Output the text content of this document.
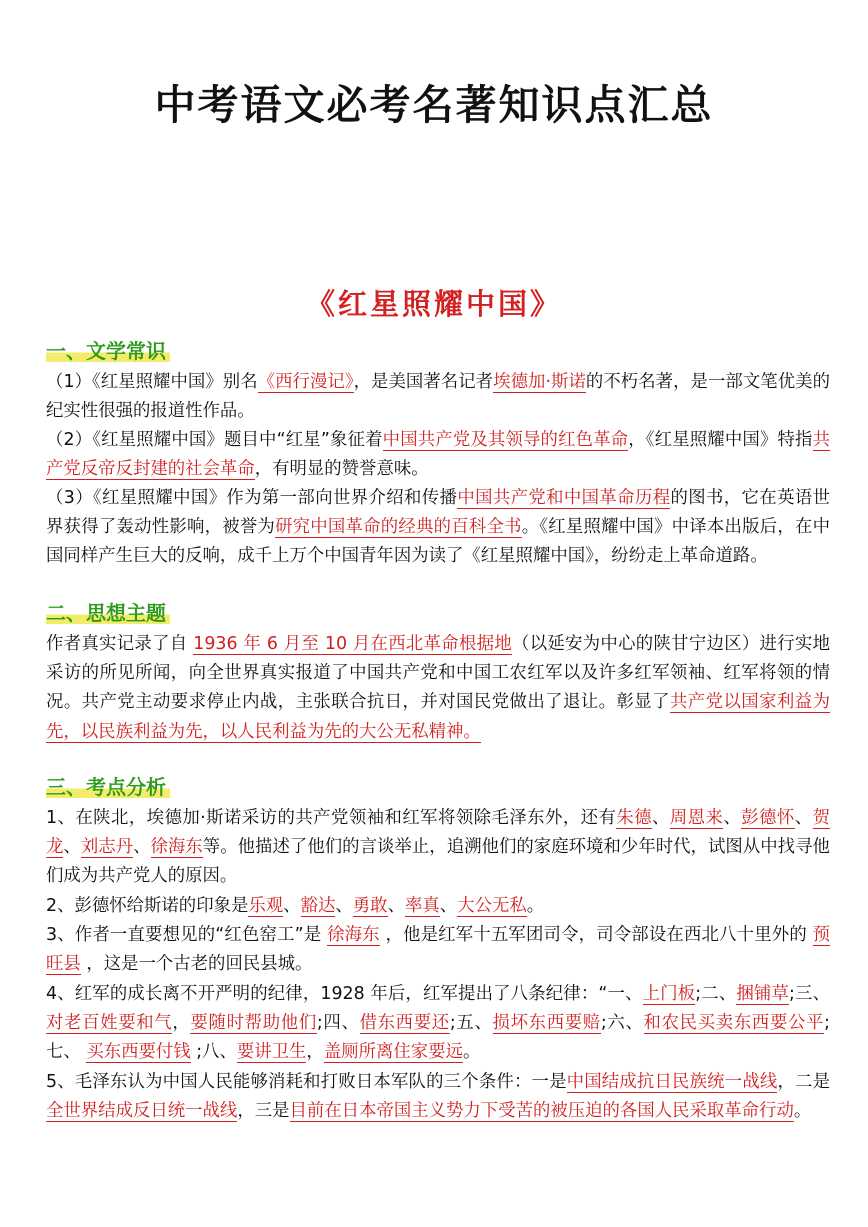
中考语文必考名著知识点汇总
《红星照耀中国》
一、文学常识
（1）《红星照耀中国》别名《西行漫记》，是美国著名记者埃德加·斯诺的不朽名著，是一部文笔优美的纪实性很强的报道性作品。
（2）《红星照耀中国》题目中“红星”象征着中国共产党及其领导的红色革命，《红星照耀中国》特指共产党反帝反封建的社会革命，有明显的赞誉意味。
（3）《红星照耀中国》作为第一部向世界介绍和传播中国共产党和中国革命历程的图书，它在英语世界获得了轰动性影响，被誉为研究中国革命的经典的百科全书。《红星照耀中国》中译本出版后，在中国同样产生巨大的反响，成千上万个中国青年因为读了《红星照耀中国》，纷纷走上革命道路。
二、思想主题
作者真实记录了自 1936 年 6 月至 10 月在西北革命根据地（以延安为中心的陕甘宁边区）进行实地采访的所见所闻，向全世界真实报道了中国共产党和中国工农红军以及许多红军领袖、红军将领的情况。共产党主动要求停止内战，主张联合抗日，并对国民党做出了退让。彰显了共产党以国家利益为先，以民族利益为先，以人民利益为先的大公无私精神。
三、考点分析
1、在陕北，埃德加·斯诺采访的共产党领袖和红军将领除毛泽东外，还有朱德、周恩来、彭德怀、贺龙、刘志丹、徐海东等。他描述了他们的言谈举止，追溯他们的家庭环境和少年时代，试图从中找寻他们成为共产党人的原因。
2、彭德怀给斯诺的印象是乐观、豁达、勇敢、率真、大公无私。
3、作者一直要想见的“红色窑工”是 徐海东 ，他是红军十五军团司令，司令部设在西北八十里外的 预旺县 ，这是一个古老的回民县城。
4、红军的成长离不开严明的纪律，1928 年后，红军提出了八条纪律：“一、上门板;二、捆铺草;三、对老百姓要和气，要随时帮助他们;四、借东西要还;五、损坏东西要赔;六、和农民买卖东西要公平;七、 买东西要付钱 ;八、要讲卫生，盖厕所离住家要远。
5、毛泽东认为中国人民能够消耗和打败日本军队的三个条件：一是中国结成抗日民族统一战线，二是全世界结成反日统一战线，三是目前在日本帝国主义势力下受苦的被压迫的各国人民采取革命行动。
